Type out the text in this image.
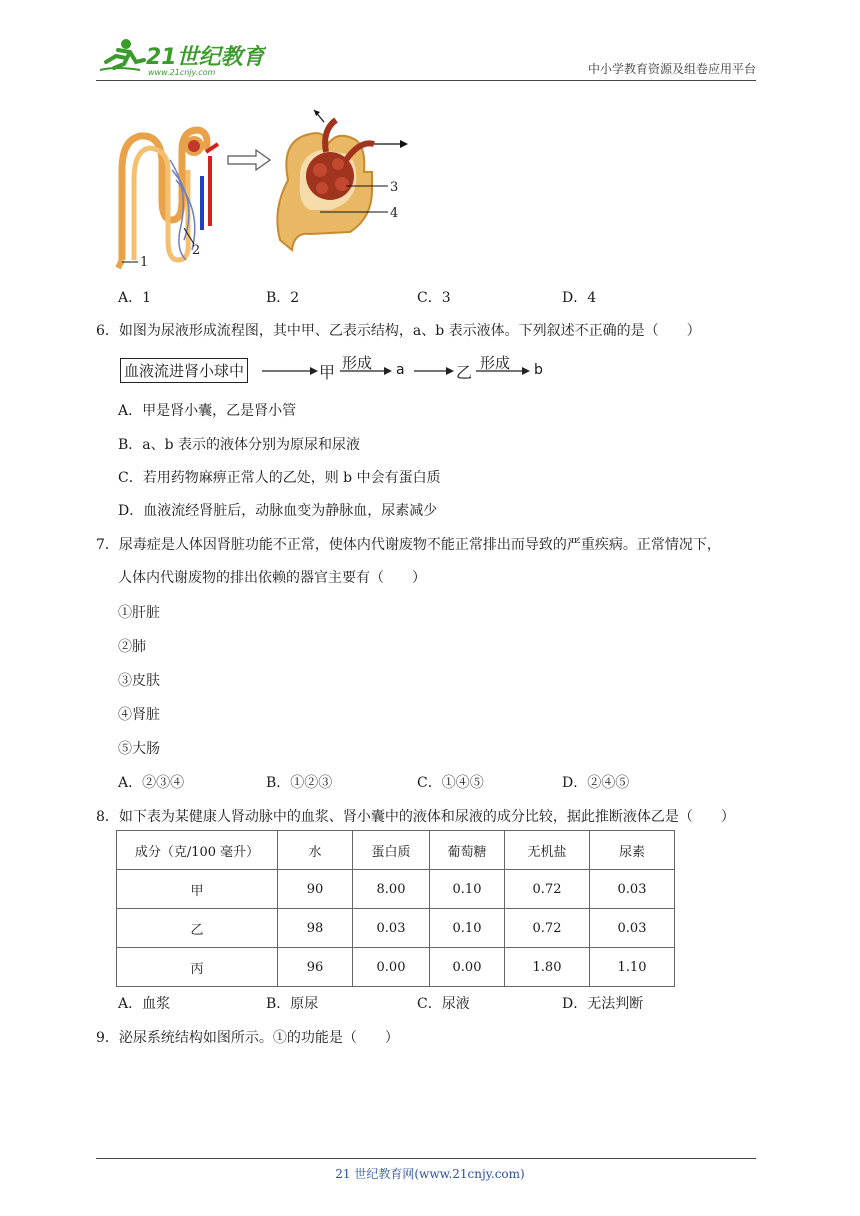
21世纪教育
www.21cnjy.com	中小学教育资源及组卷应用平台
1
2
3
4
A．1	B．2	C．3	D．4
6．如图为尿液形成流程图，其中甲、乙表示结构，a、b 表示液体。下列叙述不正确的是（　　）
血液流进肾小球中	甲 形成 a	乙 形成 b
A．甲是肾小囊，乙是肾小管
B．a、b 表示的液体分别为原尿和尿液
C．若用药物麻痹正常人的乙处，则 b 中会有蛋白质
D．血液流经肾脏后，动脉血变为静脉血，尿素减少
7．尿毒症是人体因肾脏功能不正常，使体内代谢废物不能正常排出而导致的严重疾病。正常情况下，
人体内代谢废物的排出依赖的器官主要有（　　）
①肝脏
②肺
③皮肤
④肾脏
⑤大肠
A．②③④	B．①②③	C．①④⑤	D．②④⑤
8．如下表为某健康人肾动脉中的血浆、肾小囊中的液体和尿液的成分比较，据此推断液体乙是（　　）
成分（克/100 毫升）	水	蛋白质	葡萄糖	无机盐	尿素
甲	90	8.00	0.10	0.72	0.03
乙	98	0.03	0.10	0.72	0.03
丙	96	0.00	0.00	1.80	1.10
A．血浆	B．原尿	C．尿液	D．无法判断
9．泌尿系统结构如图所示。①的功能是（　　）
21 世纪教育网(www.21cnjy.com)
